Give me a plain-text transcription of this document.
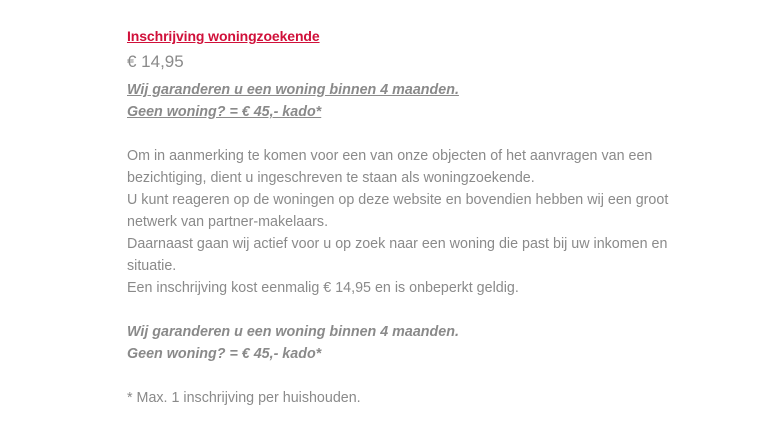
Inschrijving woningzoekende
€ 14,95

Wij garanderen u een woning binnen 4 maanden.

Geen woning? = € 45,- kado*

Om in aanmerking te komen voor een van onze objecten of het aanvragen van een bezichtiging, dient u ingeschreven te staan als woningzoekende.

U kunt reageren op de woningen op deze website en bovendien hebben wij een groot netwerk van partner-makelaars.

Daarnaast gaan wij actief voor u op zoek naar een woning die past bij uw inkomen en situatie.

Een inschrijving kost eenmalig € 14,95 en is onbeperkt geldig.

Wij garanderen u een woning binnen 4 maanden.

Geen woning? = € 45,- kado*

* Max. 1 inschrijving per huishouden.
